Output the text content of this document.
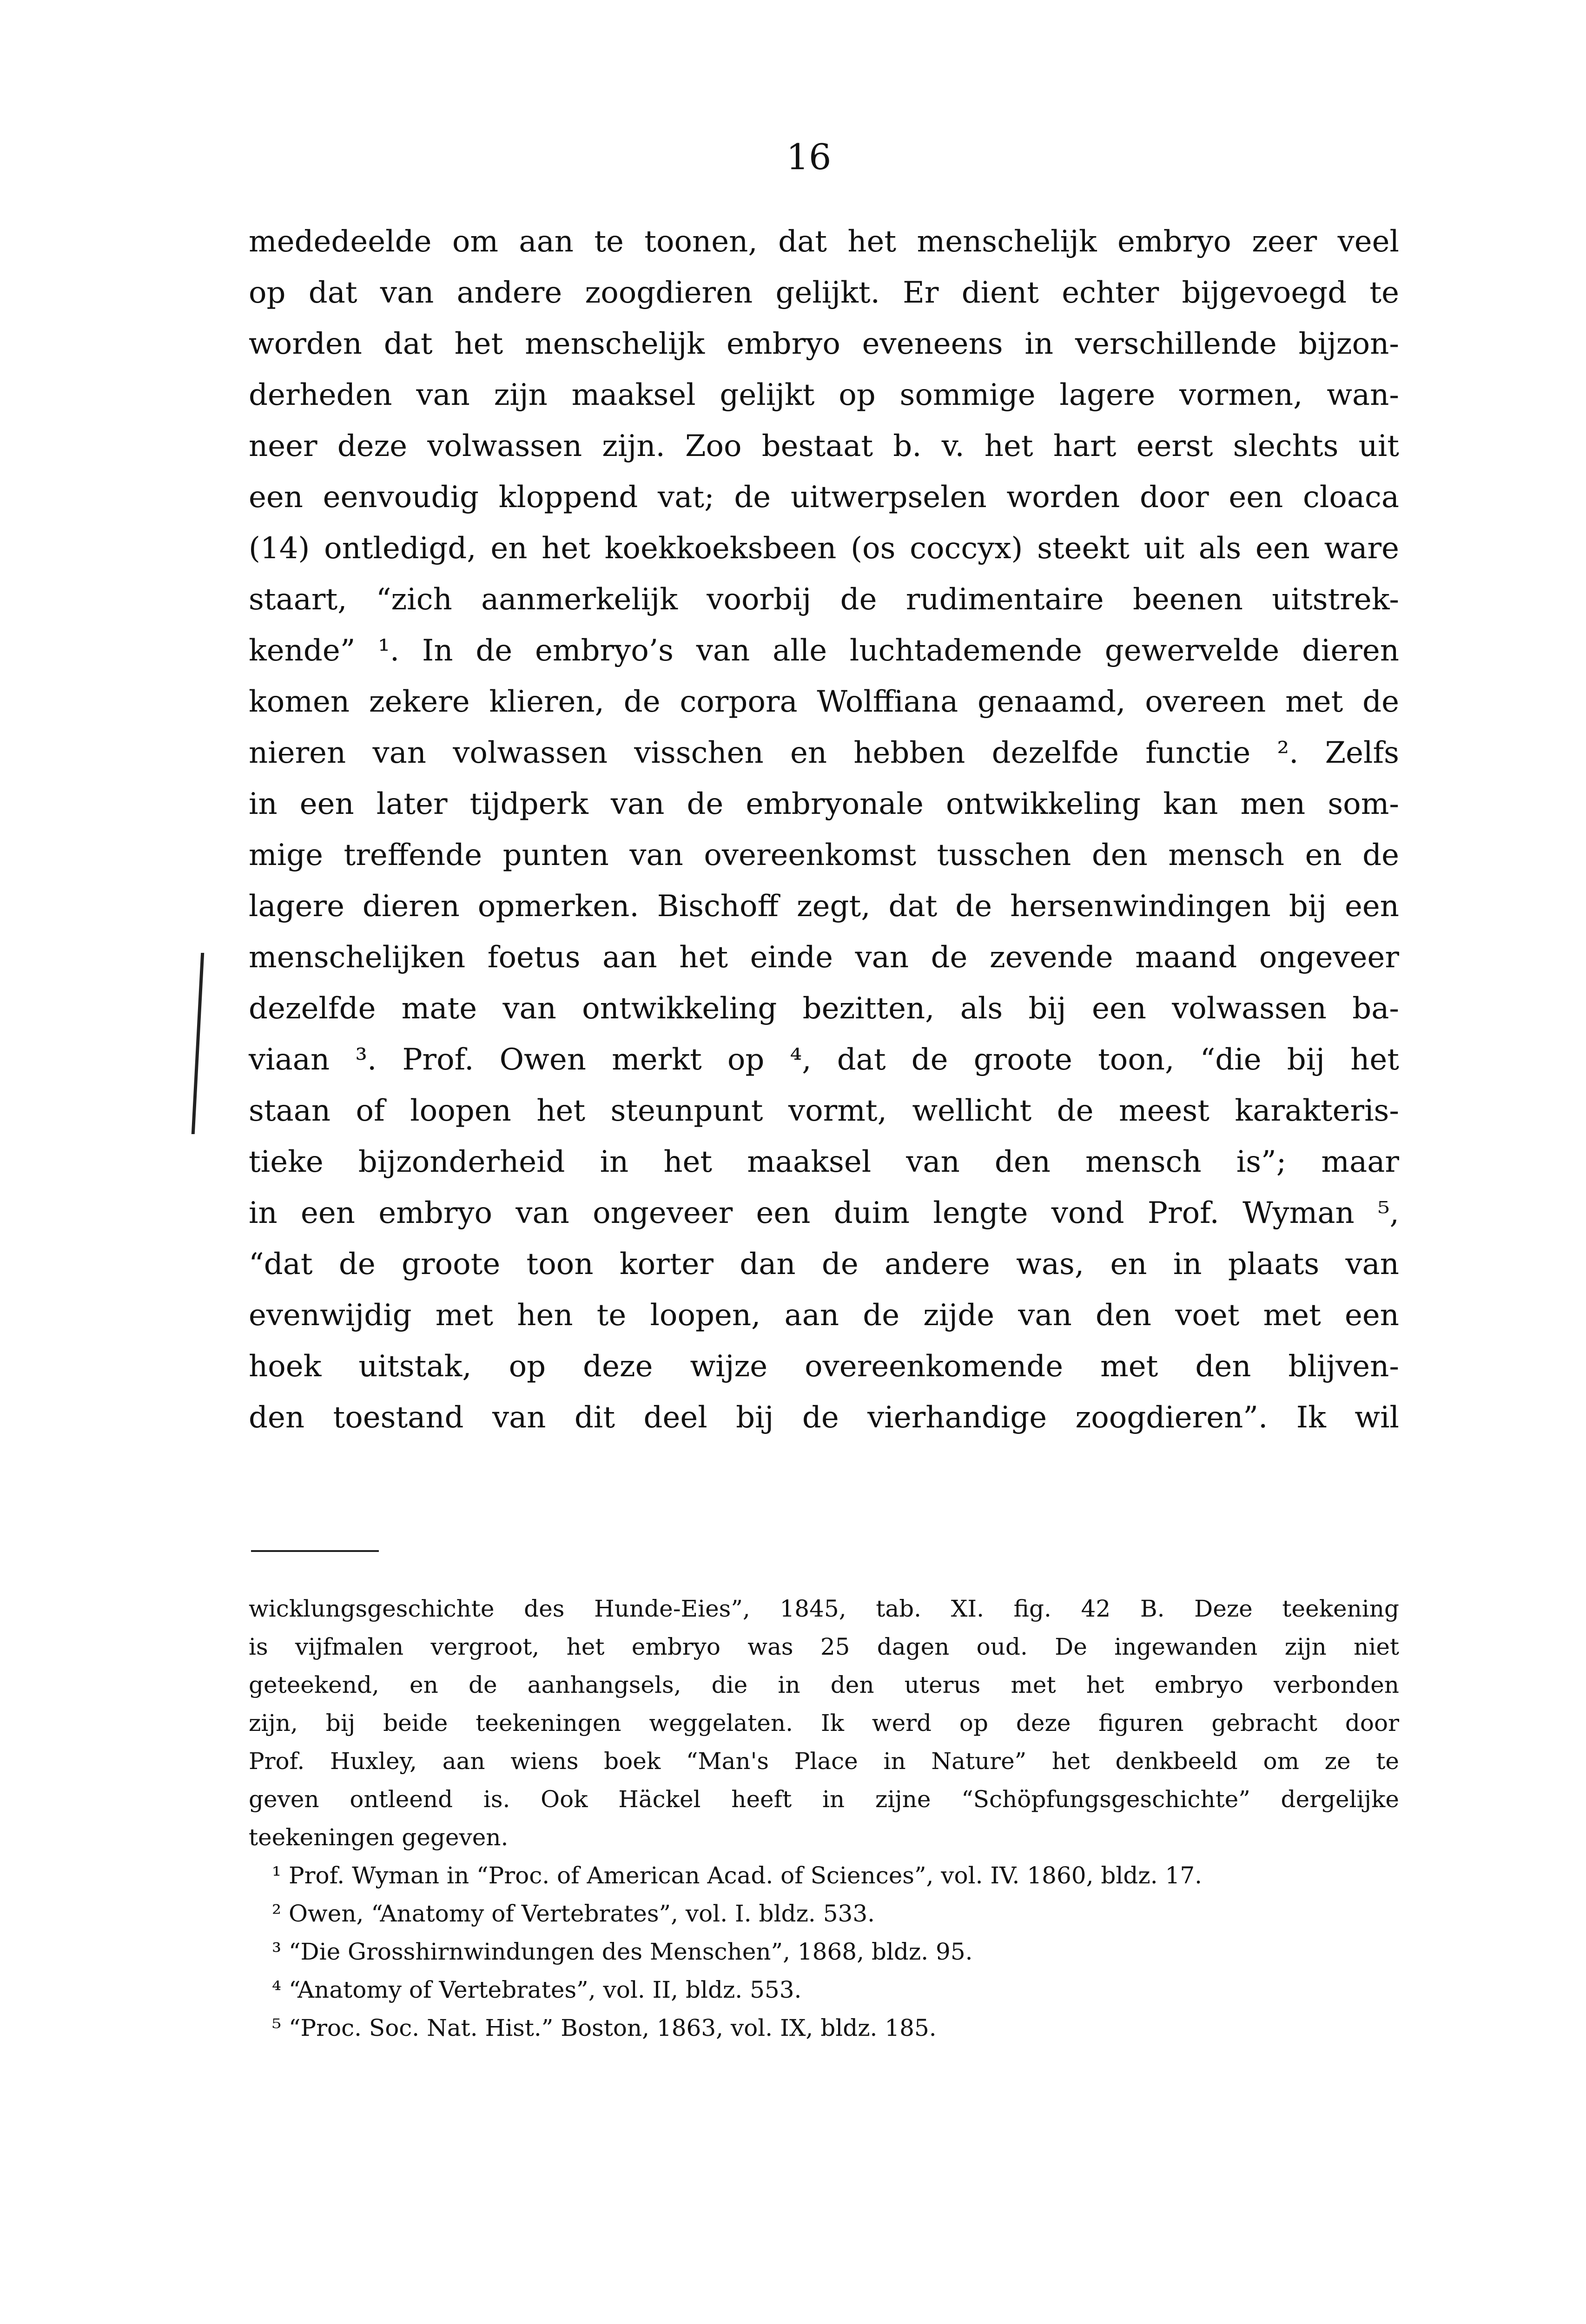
16
mededeelde om aan te toonen, dat het menschelijk embryo zeer veel
op dat van andere zoogdieren gelijkt. Er dient echter bijgevoegd te
worden dat het menschelijk embryo eveneens in verschillende bijzon-
derheden van zijn maaksel gelijkt op sommige lagere vormen, wan-
neer deze volwassen zijn. Zoo bestaat b. v. het hart eerst slechts uit
een eenvoudig kloppend vat; de uitwerpselen worden door een cloaca
(14) ontledigd, en het koekkoeksbeen (os coccyx) steekt uit als een ware
staart, “zich aanmerkelijk voorbij de rudimentaire beenen uitstrek-
kende” ¹. In de embryo’s van alle luchtademende gewervelde dieren
komen zekere klieren, de corpora Wolffiana genaamd, overeen met de
nieren van volwassen visschen en hebben dezelfde functie ². Zelfs
in een later tijdperk van de embryonale ontwikkeling kan men som-
mige treffende punten van overeenkomst tusschen den mensch en de
lagere dieren opmerken. Bischoff zegt, dat de hersenwindingen bij een
menschelijken foetus aan het einde van de zevende maand ongeveer
dezelfde mate van ontwikkeling bezitten, als bij een volwassen ba-
viaan ³. Prof. Owen merkt op ⁴, dat de groote toon, “die bij het
staan of loopen het steunpunt vormt, wellicht de meest karakteris-
tieke bijzonderheid in het maaksel van den mensch is”; maar
in een embryo van ongeveer een duim lengte vond Prof. Wyman ⁵,
“dat de groote toon korter dan de andere was, en in plaats van
evenwijdig met hen te loopen, aan de zijde van den voet met een
hoek uitstak, op deze wijze overeenkomende met den blijven-
den toestand van dit deel bij de vierhandige zoogdieren”. Ik wil
wicklungsgeschichte des Hunde-Eies”, 1845, tab. XI. fig. 42 B. Deze teekening
is vijfmalen vergroot, het embryo was 25 dagen oud. De ingewanden zijn niet
geteekend, en de aanhangsels, die in den uterus met het embryo verbonden
zijn, bij beide teekeningen weggelaten. Ik werd op deze figuren gebracht door
Prof. Huxley, aan wiens boek “Man's Place in Nature” het denkbeeld om ze te
geven ontleend is. Ook Häckel heeft in zijne “Schöpfungsgeschichte” dergelijke
teekeningen gegeven.
¹ Prof. Wyman in “Proc. of American Acad. of Sciences”, vol. IV. 1860, bldz. 17.
² Owen, “Anatomy of Vertebrates”, vol. I. bldz. 533.
³ “Die Grosshirnwindungen des Menschen”, 1868, bldz. 95.
⁴ “Anatomy of Vertebrates”, vol. II, bldz. 553.
⁵ “Proc. Soc. Nat. Hist.” Boston, 1863, vol. IX, bldz. 185.
